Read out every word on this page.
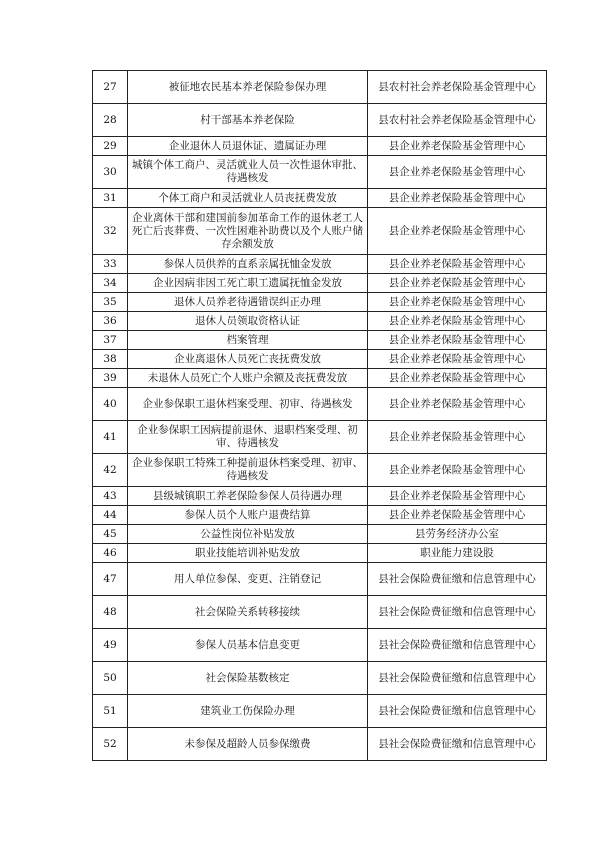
27	被征地农民基本养老保险参保办理	县农村社会养老保险基金管理中心
28	村干部基本养老保险	县农村社会养老保险基金管理中心
29	企业退休人员退休证、遗属证办理	县企业养老保险基金管理中心
30	城镇个体工商户、灵活就业人员一次性退休审批、待遇核发	县企业养老保险基金管理中心
31	个体工商户和灵活就业人员丧抚费发放	县企业养老保险基金管理中心
32	企业离休干部和建国前参加革命工作的退休老工人死亡后丧葬费、一次性困难补助费以及个人账户储存余额发放	县企业养老保险基金管理中心
33	参保人员供养的直系亲属抚恤金发放	县企业养老保险基金管理中心
34	企业因病非因工死亡职工遗属抚恤金发放	县企业养老保险基金管理中心
35	退休人员养老待遇错误纠正办理	县企业养老保险基金管理中心
36	退休人员领取资格认证	县企业养老保险基金管理中心
37	档案管理	县企业养老保险基金管理中心
38	企业离退休人员死亡丧抚费发放	县企业养老保险基金管理中心
39	未退休人员死亡个人账户余额及丧抚费发放	县企业养老保险基金管理中心
40	企业参保职工退休档案受理、初审、待遇核发	县企业养老保险基金管理中心
41	企业参保职工因病提前退休、退职档案受理、初审、待遇核发	县企业养老保险基金管理中心
42	企业参保职工特殊工种提前退休档案受理、初审、待遇核发	县企业养老保险基金管理中心
43	县级城镇职工养老保险参保人员待遇办理	县企业养老保险基金管理中心
44	参保人员个人账户退费结算	县企业养老保险基金管理中心
45	公益性岗位补贴发放	县劳务经济办公室
46	职业技能培训补贴发放	职业能力建设股
47	用人单位参保、变更、注销登记	县社会保险费征缴和信息管理中心
48	社会保险关系转移接续	县社会保险费征缴和信息管理中心
49	参保人员基本信息变更	县社会保险费征缴和信息管理中心
50	社会保险基数核定	县社会保险费征缴和信息管理中心
51	建筑业工伤保险办理	县社会保险费征缴和信息管理中心
52	未参保及超龄人员参保缴费	县社会保险费征缴和信息管理中心
